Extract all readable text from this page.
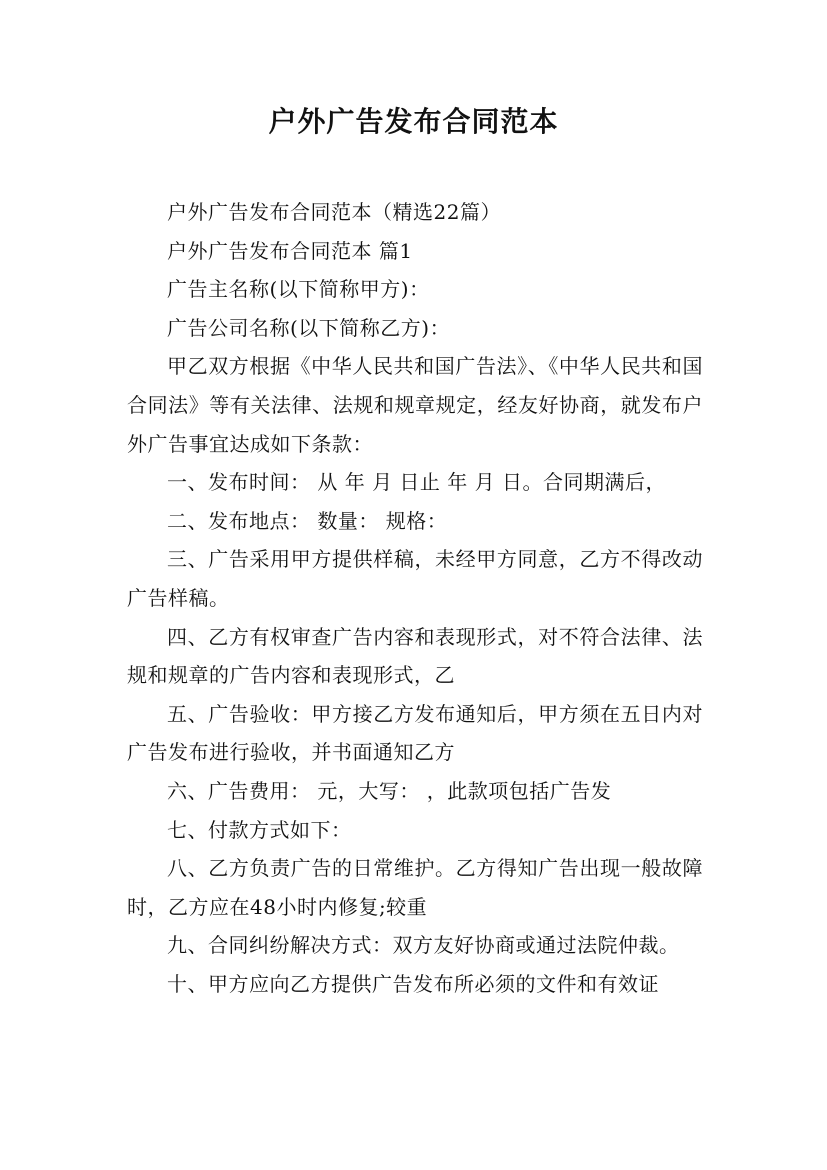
户外广告发布合同范本

户外广告发布合同范本（精选22篇）

户外广告发布合同范本 篇1

广告主名称(以下简称甲方)：

广告公司名称(以下简称乙方)：

甲乙双方根据《中华人民共和国广告法》、《中华人民共和国合同法》等有关法律、法规和规章规定，经友好协商，就发布户外广告事宜达成如下条款：

一、发布时间： 从 年 月 日止 年 月 日。合同期满后，

二、发布地点： 数量： 规格：

三、广告采用甲方提供样稿，未经甲方同意，乙方不得改动广告样稿。

四、乙方有权审查广告内容和表现形式，对不符合法律、法规和规章的广告内容和表现形式，乙

五、广告验收：甲方接乙方发布通知后，甲方须在五日内对广告发布进行验收，并书面通知乙方

六、广告费用： 元，大写： ，此款项包括广告发

七、付款方式如下：

八、乙方负责广告的日常维护。乙方得知广告出现一般故障时，乙方应在48小时内修复;较重

九、合同纠纷解决方式：双方友好协商或通过法院仲裁。

十、甲方应向乙方提供广告发布所必须的文件和有效证
